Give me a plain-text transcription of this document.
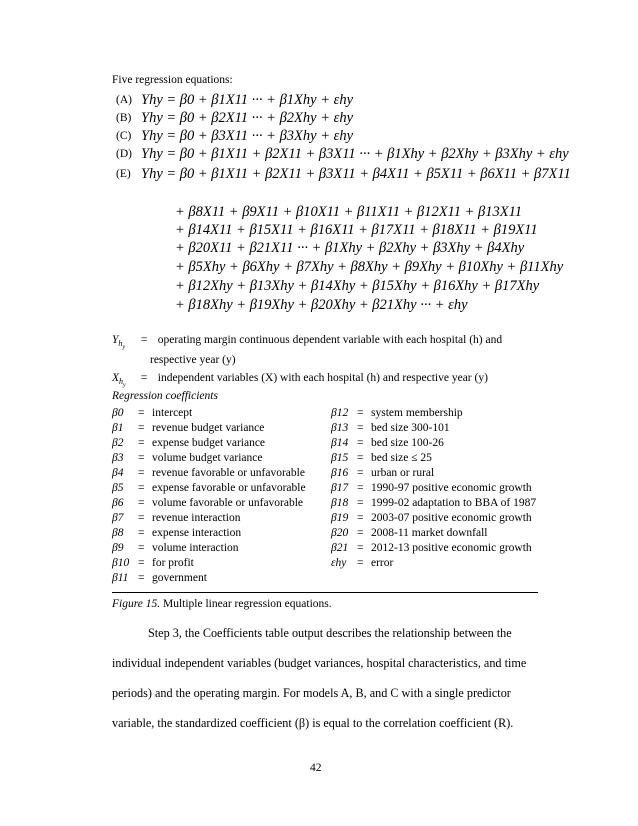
Five regression equations:
(A) Yhy = β0 + β1X11 ··· + β1Xhy + εhy
(B) Yhy = β0 + β2X11 ··· + β2Xhy + εhy
(C) Yhy = β0 + β3X11 ··· + β3Xhy + εhy
(D) Yhy = β0 + β1X11 + β2X11 + β3X11 ··· + β1Xhy + β2Xhy + β3Xhy + εhy
(E) Yhy = β0 + β1X11 + β2X11 + β3X11 + β4X11 + β5X11 + β6X11 + β7X11
+ β8X11 + β9X11 + β10X11 + β11X11 + β12X11 + β13X11
+ β14X11 + β15X11 + β16X11 + β17X11 + β18X11 + β19X11
+ β20X11 + β21X11 ··· + β1Xhy + β2Xhy + β3Xhy + β4Xhy
+ β5Xhy + β6Xhy + β7Xhy + β8Xhy + β9Xhy + β10Xhy + β11Xhy
+ β12Xhy + β13Xhy + β14Xhy + β15Xhy + β16Xhy + β17Xhy
+ β18Xhy + β19Xhy + β20Xhy + β21Xhy ··· + εhy
$Y_{h_y}$ = operating margin continuous dependent variable with each hospital (h) and
respective year (y)
$X_{h_y}$ = independent variables (X) with each hospital (h) and respective year (y)
Regression coefficients
β0 = intercept
β1 = revenue budget variance
β2 = expense budget variance
β3 = volume budget variance
β4 = revenue favorable or unfavorable
β5 = expense favorable or unfavorable
β6 = volume favorable or unfavorable
β7 = revenue interaction
β8 = expense interaction
β9 = volume interaction
β10 = for profit
β11 = government
β12 = system membership
β13 = bed size 300-101
β14 = bed size 100-26
β15 = bed size ≤ 25
β16 = urban or rural
β17 = 1990-97 positive economic growth
β18 = 1999-02 adaptation to BBA of 1987
β19 = 2003-07 positive economic growth
β20 = 2008-11 market downfall
β21 = 2012-13 positive economic growth
εhy = error
Figure 15. Multiple linear regression equations.
Step 3, the Coefficients table output describes the relationship between the
individual independent variables (budget variances, hospital characteristics, and time
periods) and the operating margin. For models A, B, and C with a single predictor
variable, the standardized coefficient (β) is equal to the correlation coefficient (R).
42
